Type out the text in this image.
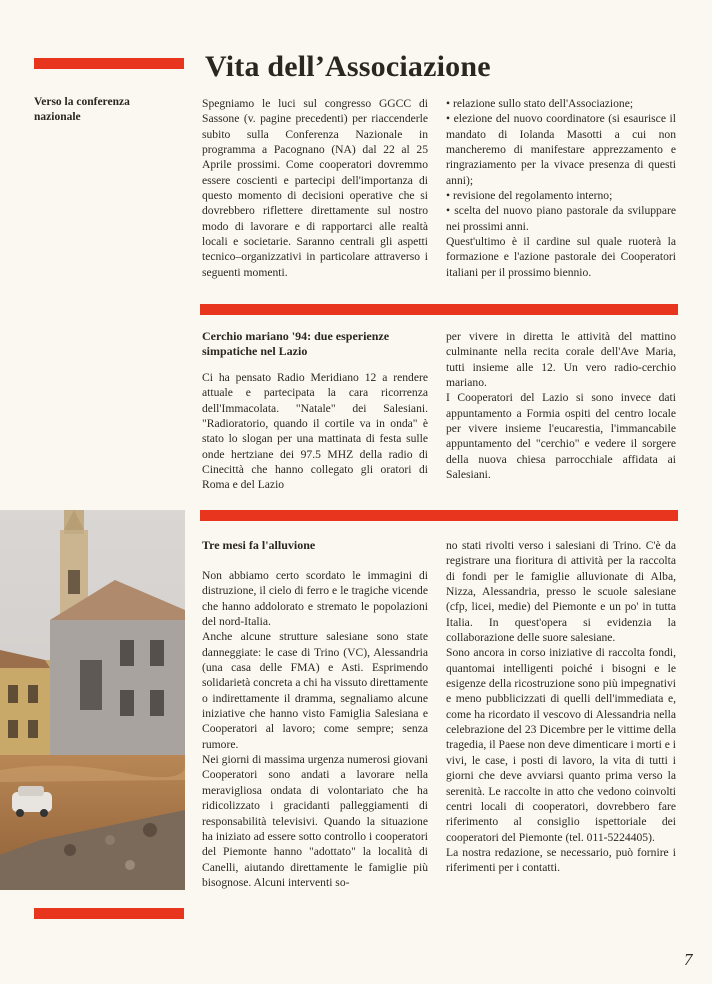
Vita dell’Associazione
Verso la conferenza nazionale

Spegniamo le luci sul congresso GGCC di Sassone (v. pagine precedenti) per riaccenderle subito sulla Conferenza Nazionale in programma a Pacognano (NA) dal 22 al 25 Aprile prossimi. Come cooperatori dovremmo essere coscienti e partecipi dell'importanza di questo momento di decisioni operative che si dovrebbero riflettere direttamente sul nostro modo di lavorare e di rapportarci alle realtà locali e societarie. Saranno centrali gli aspetti tecnico–organizzativi in particolare attraverso i seguenti momenti.

• relazione sullo stato dell'Associazione;

• elezione del nuovo coordinatore (si esaurisce il mandato di Iolanda Masotti a cui non mancheremo di manifestare apprezzamento e ringraziamento per la vivace presenza di questi anni);

• revisione del regolamento interno;

• scelta del nuovo piano pastorale da sviluppare nei prossimi anni.

Quest'ultimo è il cardine sul quale ruoterà la formazione e l'azione pastorale dei Cooperatori italiani per il prossimo biennio.

Cerchio mariano '94: due esperienze simpatiche nel Lazio

Ci ha pensato Radio Meridiano 12 a rendere attuale e partecipata la cara ricorrenza dell'Immacolata. "Natale" dei Salesiani. "Radioratorio, quando il cortile va in onda" è stato lo slogan per una mattinata di festa sulle onde hertziane dei 97.5 MHZ della radio di Cinecittà che hanno collegato gli oratori di Roma e del Lazio

per vivere in diretta le attività del mattino culminante nella recita corale dell'Ave Maria, tutti insieme alle 12. Un vero radio-cerchio mariano.

I Cooperatori del Lazio si sono invece dati appuntamento a Formia ospiti del centro locale per vivere insieme l'eucarestia, l'immancabile appuntamento del "cerchio" e vedere il sorgere della nuova chiesa parrocchiale affidata ai Salesiani.

Tre mesi fa l'alluvione

Non abbiamo certo scordato le immagini di distruzione, il cielo di ferro e le tragiche vicende che hanno addolorato e stremato le popolazioni del nord-Italia.

Anche alcune strutture salesiane sono state danneggiate: le case di Trino (VC), Alessandria (una casa delle FMA) e Asti. Esprimendo solidarietà concreta a chi ha vissuto direttamente o indirettamente il dramma, segnaliamo alcune iniziative che hanno visto Famiglia Salesiana e Cooperatori al lavoro; come sempre; senza rumore.

Nei giorni di massima urgenza numerosi giovani Cooperatori sono andati a lavorare nella meravigliosa ondata di volontariato che ha ridicolizzato i gracidanti palleggiamenti di responsabilità televisivi. Quando la situazione ha iniziato ad essere sotto controllo i cooperatori del Piemonte hanno "adottato" la località di Canelli, aiutando direttamente le famiglie più bisognose. Alcuni interventi so-

no stati rivolti verso i salesiani di Trino. C'è da registrare una fioritura di attività per la raccolta di fondi per le famiglie alluvionate di Alba, Nizza, Alessandria, presso le scuole salesiane (cfp, licei, medie) del Piemonte e un po' in tutta Italia. In quest'opera si evidenzia la collaborazione delle suore salesiane.

Sono ancora in corso iniziative di raccolta fondi, quantomai intelligenti poiché i bisogni e le esigenze della ricostruzione sono più impegnativi e meno pubblicizzati di quelli dell'immediata e, come ha ricordato il vescovo di Alessandria nella celebrazione del 23 Dicembre per le vittime della tragedia, il Paese non deve dimenticare i morti e i vivi, le case, i posti di lavoro, la vita di tutti i giorni che deve avviarsi quanto prima verso la serenità. Le raccolte in atto che vedono coinvolti centri locali di cooperatori, dovrebbero fare riferimento al consiglio ispettoriale dei cooperatori del Piemonte (tel. 011-5224405).

La nostra redazione, se necessario, può fornire i riferimenti per i contatti.

7
